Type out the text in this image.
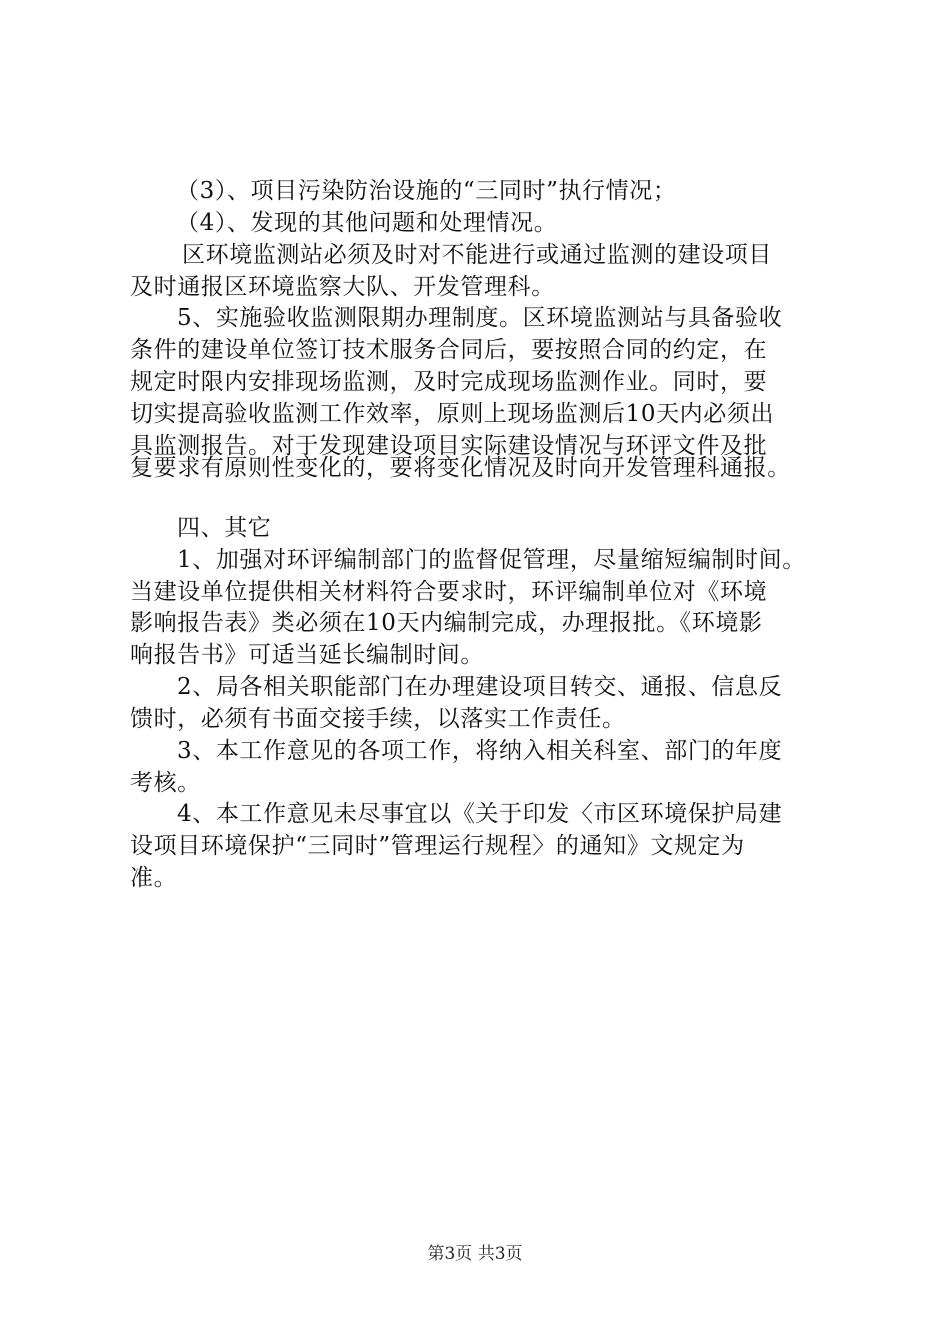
（3）、项目污染防治设施的“三同时”执行情况；
（4）、发现的其他问题和处理情况。
区环境监测站必须及时对不能进行或通过监测的建设项目
及时通报区环境监察大队、开发管理科。
5、实施验收监测限期办理制度。区环境监测站与具备验收
条件的建设单位签订技术服务合同后，要按照合同的约定，在
规定时限内安排现场监测，及时完成现场监测作业。同时，要
切实提高验收监测工作效率，原则上现场监测后10天内必须出
具监测报告。对于发现建设项目实际建设情况与环评文件及批
复要求有原则性变化的，要将变化情况及时向开发管理科通报。
四、其它
1、加强对环评编制部门的监督促管理，尽量缩短编制时间。
当建设单位提供相关材料符合要求时，环评编制单位对《环境
影响报告表》类必须在10天内编制完成，办理报批。《环境影
响报告书》可适当延长编制时间。
2、局各相关职能部门在办理建设项目转交、通报、信息反
馈时，必须有书面交接手续，以落实工作责任。
3、本工作意见的各项工作，将纳入相关科室、部门的年度
考核。
4、本工作意见未尽事宜以《关于印发〈市区环境保护局建
设项目环境保护“三同时”管理运行规程〉的通知》文规定为
准。
第3页 共3页
